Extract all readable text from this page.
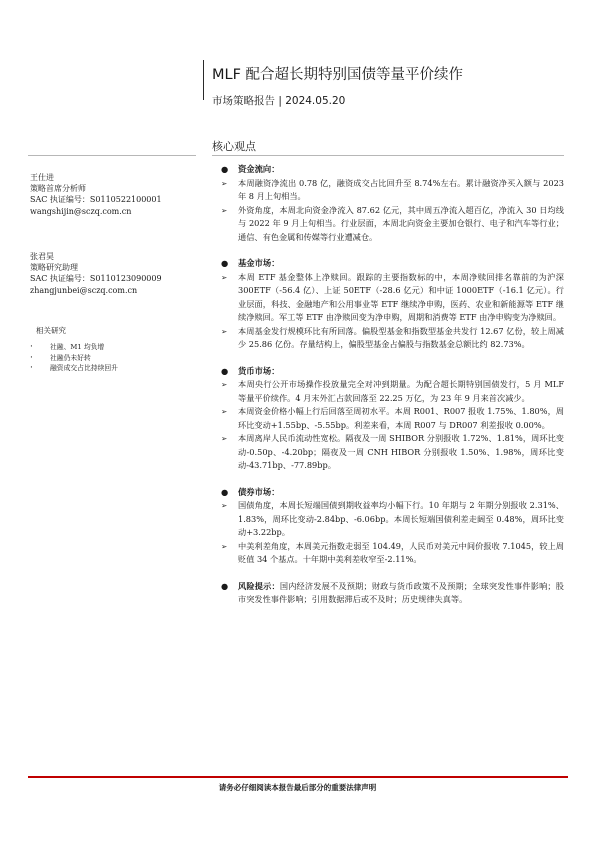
MLF 配合超长期特别国债等量平价续作
市场策略报告 | 2024.05.20
核心观点
王仕进
策略首席分析师
SAC 执证编号：S0110522100001
wangshijin@sczq.com.cn
张君昊
策略研究助理
SAC 执证编号：S0110123090009
zhangjunbei@sczq.com.cn
相关研究
· 社融、M1 均负增
· 社融仍未好转
· 融资成交占比持续回升
● 资金流向：
➢ 本周融资净流出 0.78 亿，融资成交占比回升至 8.74%左右。累计融资净买入额与 2023 年 8 月上旬相当。
➢ 外资角度，本周北向资金净流入 87.62 亿元，其中周五净流入超百亿，净流入 30 日均线与 2022 年 9 月上旬相当。行业层面，本周北向资金主要加仓银行、电子和汽车等行业；通信、有色金属和传媒等行业遭减仓。
● 基金市场：
➢ 本周 ETF 基金整体上净赎回。跟踪的主要指数标的中，本周净赎回排名靠前的为沪深 300ETF（-56.4 亿）、上证 50ETF（-28.6 亿元）和中证 1000ETF（-16.1 亿元）。行业层面，科技、金融地产和公用事业等 ETF 继续净申购，医药、农业和新能源等 ETF 继续净赎回。军工等 ETF 由净赎回变为净申购，周期和消费等 ETF 由净申购变为净赎回。
➢ 本周基金发行规模环比有所回落。偏股型基金和指数型基金共发行 12.67 亿份，较上周减少 25.86 亿份。存量结构上，偏股型基金占偏股与指数基金总额比约 82.73%。
● 货币市场：
➢ 本周央行公开市场操作投放量完全对冲到期量。为配合超长期特别国债发行，5 月 MLF 等量平价续作。4 月末外汇占款回落至 22.25 万亿，为 23 年 9 月来首次减少。
➢ 本周资金价格小幅上行后回落至周初水平。本周 R001、R007 报收 1.75%、1.80%，周环比变动+1.55bp、-5.55bp。利差来看，本周 R007 与 DR007 利差报收 0.00%。
➢ 本周离岸人民币流动性宽松。隔夜及一周 SHIBOR 分别报收 1.72%、1.81%，周环比变动-0.50p、-4.20bp；隔夜及一周 CNH HIBOR 分别报收 1.50%、1.98%，周环比变动-43.71bp、-77.89bp。
● 债券市场：
➢ 国债角度，本周长短端国债到期收益率均小幅下行。10 年期与 2 年期分别报收 2.31%、1.83%，周环比变动-2.84bp、-6.06bp。本周长短端国债利差走阔至 0.48%，周环比变动+3.22bp。
➢ 中美利差角度，本周美元指数走弱至 104.49，人民币对美元中间价报收 7.1045，较上周贬值 34 个基点。十年期中美利差收窄至-2.11%。
● 风险提示：国内经济发展不及预期；财政与货币政策不及预期；全球突发性事件影响；股市突发性事件影响；引用数据滞后或不及时；历史规律失真等。
请务必仔细阅读本报告最后部分的重要法律声明
